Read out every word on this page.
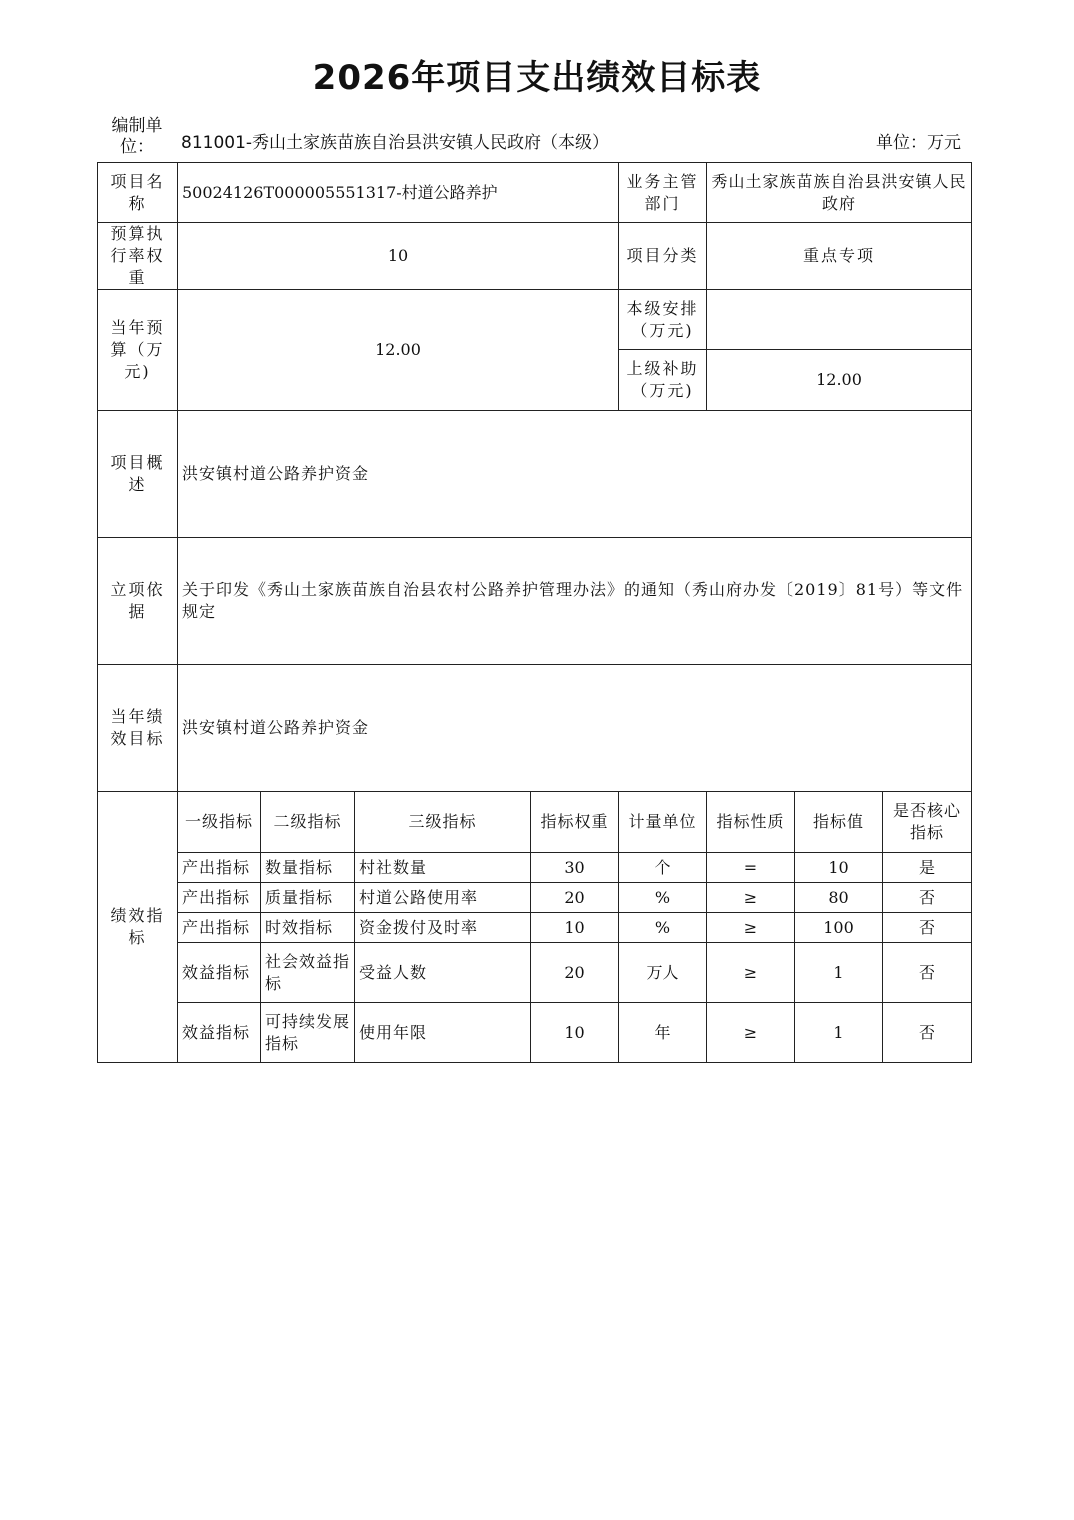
2026年项目支出绩效目标表
编制单位：	811001-秀山土家族苗族自治县洪安镇人民政府（本级）	单位：万元
项目名称	50024126T000005551317-村道公路养护				业务主管部门	秀山土家族苗族自治县洪安镇人民政府		
预算执行率权重	10				项目分类	重点专项		
当年预算（万元)	12.00				本级安排（万元)			
					上级补助（万元)	12.00		
项目概述	洪安镇村道公路养护资金							
立项依据	关于印发《秀山土家族苗族自治县农村公路养护管理办法》的通知（秀山府办发〔2019〕81号）等文件规定							
当年绩效目标	洪安镇村道公路养护资金							
绩效指标	一级指标	二级指标	三级指标	指标权重	计量单位	指标性质	指标值	是否核心指标
	产出指标	数量指标	村社数量	30	个	=	10	是
	产出指标	质量指标	村道公路使用率	20	%	≥	80	否
	产出指标	时效指标	资金拨付及时率	10	%	≥	100	否
	效益指标	社会效益指标	受益人数	20	万人	≥	1	否
	效益指标	可持续发展指标	使用年限	10	年	≥	1	否
